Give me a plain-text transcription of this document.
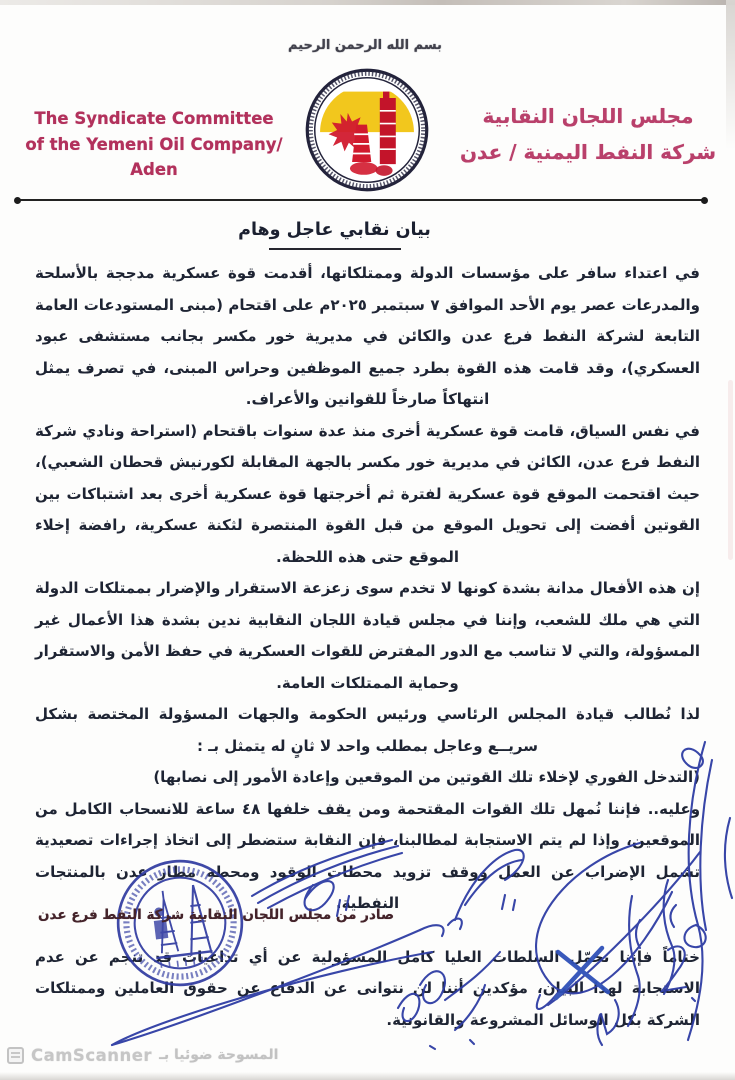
بسم الله الرحمن الرحيم
The Syndicate Committee
of the Yemeni Oil Company/ Aden
مجلس اللجان النقابية
شركة النفط اليمنية / عدن
بيان نقابي عاجل وهام

في اعتداء سافر على مؤسسات الدولة وممتلكاتها، أقدمت قوة عسكرية مدججة بالأسلحة والمدرعات عصر يوم الأحد الموافق ٧ سبتمبر ٢٠٢٥م على اقتحام (مبنى المستودعات العامة التابعة لشركة النفط فرع عدن والكائن في مديرية خور مكسر بجانب مستشفى عبود العسكري)، وقد قامت هذه القوة بطرد جميع الموظفين وحراس المبنى، في تصرف يمثل انتهاكاً صارخاً للقوانين والأعراف.

في نفس السياق، قامت قوة عسكرية أخرى منذ عدة سنوات باقتحام (استراحة ونادي شركة النفط فرع عدن، الكائن في مديرية خور مكسر بالجهة المقابلة لكورنيش قحطان الشعبي)، حيث اقتحمت الموقع قوة عسكرية لفترة ثم أخرجتها قوة عسكرية أخرى بعد اشتباكات بين القوتين أفضت إلى تحويل الموقع من قبل القوة المنتصرة لثكنة عسكرية، رافضة إخلاء الموقع حتى هذه اللحظة.

إن هذه الأفعال مدانة بشدة كونها لا تخدم سوى زعزعة الاستقرار والإضرار بممتلكات الدولة التي هي ملك للشعب، وإننا في مجلس قيادة اللجان النقابية ندين بشدة هذا الأعمال غير المسؤولة، والتي لا تناسب مع الدور المفترض للقوات العسكرية في حفظ الأمن والاستقرار وحماية الممتلكات العامة.

لذا نُطالب قيادة المجلس الرئاسي ورئيس الحكومة والجهات المسؤولة المختصة بشكل سريــع وعاجل بمطلب واحد لا ثانٍ له يتمثل بـ :

(التدخل الفوري لإخلاء تلك القوتين من الموقعين وإعادة الأمور إلى نصابها)

وعليه.. فإننا نُمهل تلك القوات المقتحمة ومن يقف خلفها ٤٨ ساعة للانسحاب الكامل من الموقعين، وإذا لم يتم الاستجابة لمطالبنا، فإن النقابة ستضطر إلى اتخاذ إجراءات تصعيدية تشمل الإضراب عن العمل ووقف تزويد محطات الوقود ومحطة مطار عدن بالمنتجات النفطية.

ختاماً فإننا نحمّل السلطات العليا كامل المسؤولية عن أي تداعيات قد تنجم عن عدم الاستجابة لهذا البيان، مؤكدين أننا لن نتوانى عن الدفاع عن حقوق العاملين وممتلكات الشركة بكل الوسائل المشروعة والقانونية.

صادر من مجلس اللجان النقابية شركة النفط فرع عدن
CamScanner المسوحة ضوئيا بـ
